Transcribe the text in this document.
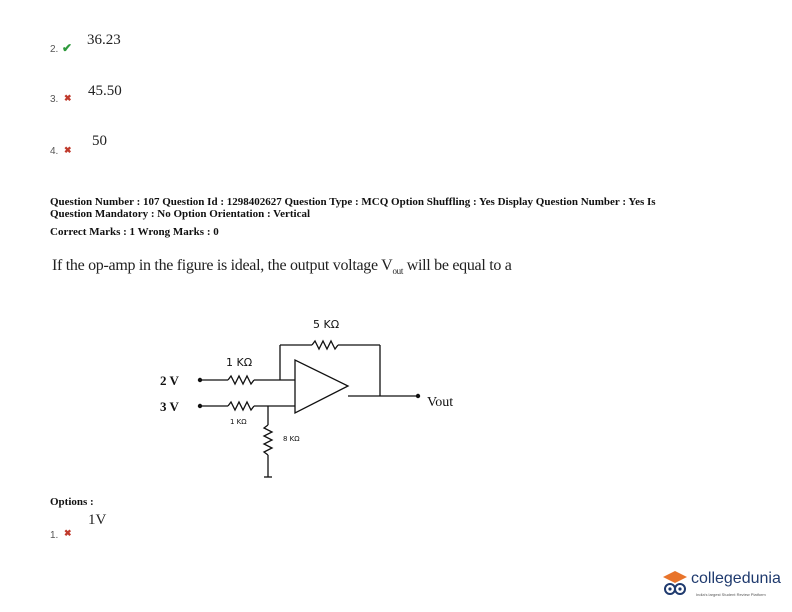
2. ✔ 36.23
3. ✖ 45.50
4. ✖
50
Question Number : 107 Question Id : 1298402627 Question Type : MCQ Option Shuffling : Yes Display Question Number : Yes Is
Question Mandatory : No Option Orientation : Vertical
Correct Marks : 1 Wrong Marks : 0
If the op-amp in the figure is ideal, the output voltage $V_{out}$ will be equal to a
5 KΩ
1 KΩ
1 KΩ
8 KΩ
2 V
3 V	Vout
Options :
1. ✖
1V
collegedunia
India's largest Student Review Platform
